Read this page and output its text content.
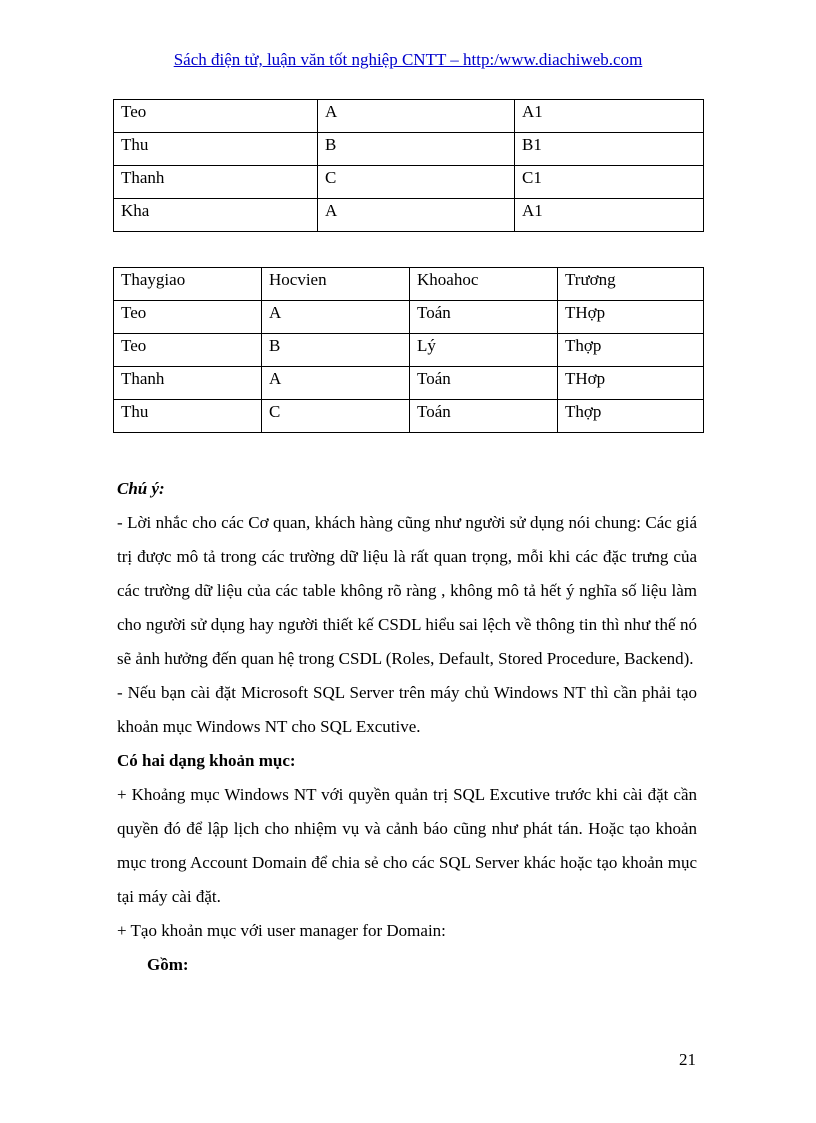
Sách điện tử, luận văn tốt nghiệp CNTT – http:/www.diachiweb.com
Teo	A	A1
Thu	B	B1
Thanh	C	C1
Kha	A	A1
Thaygiao	Hocvien	Khoahoc	Trương
Teo	A	Toán	THợp
Teo	B	Lý	Thợp
Thanh	A	Toán	THơp
Thu	C	Toán	Thợp

Chú ý:

- Lời nhắc cho các Cơ quan, khách hàng cũng như người sử dụng nói chung: Các giá trị được mô tả trong các trường dữ liệu là rất quan trọng, mỗi khi các đặc trưng của các trường dữ liệu của các table không rõ ràng , không mô tả hết ý nghĩa số liệu làm cho người sử dụng hay người thiết kế CSDL hiểu sai lệch về thông tin thì như thế nó sẽ ảnh hưởng đến quan hệ trong CSDL (Roles, Default, Stored Procedure, Backend).

- Nếu bạn cài đặt Microsoft SQL Server trên máy chủ Windows NT thì cần phải tạo khoản mục Windows NT cho SQL Excutive.

Có hai dạng khoản mục:

+ Khoảng mục Windows NT với quyền quản trị SQL Excutive trước khi cài đặt cần quyền đó để lập lịch cho nhiệm vụ và cảnh báo cũng như phát tán. Hoặc tạo khoản mục trong Account Domain để chia sẻ cho các SQL Server khác hoặc tạo khoản mục tại máy cài đặt.

+ Tạo khoản mục với user manager for Domain:

Gồm:

21
